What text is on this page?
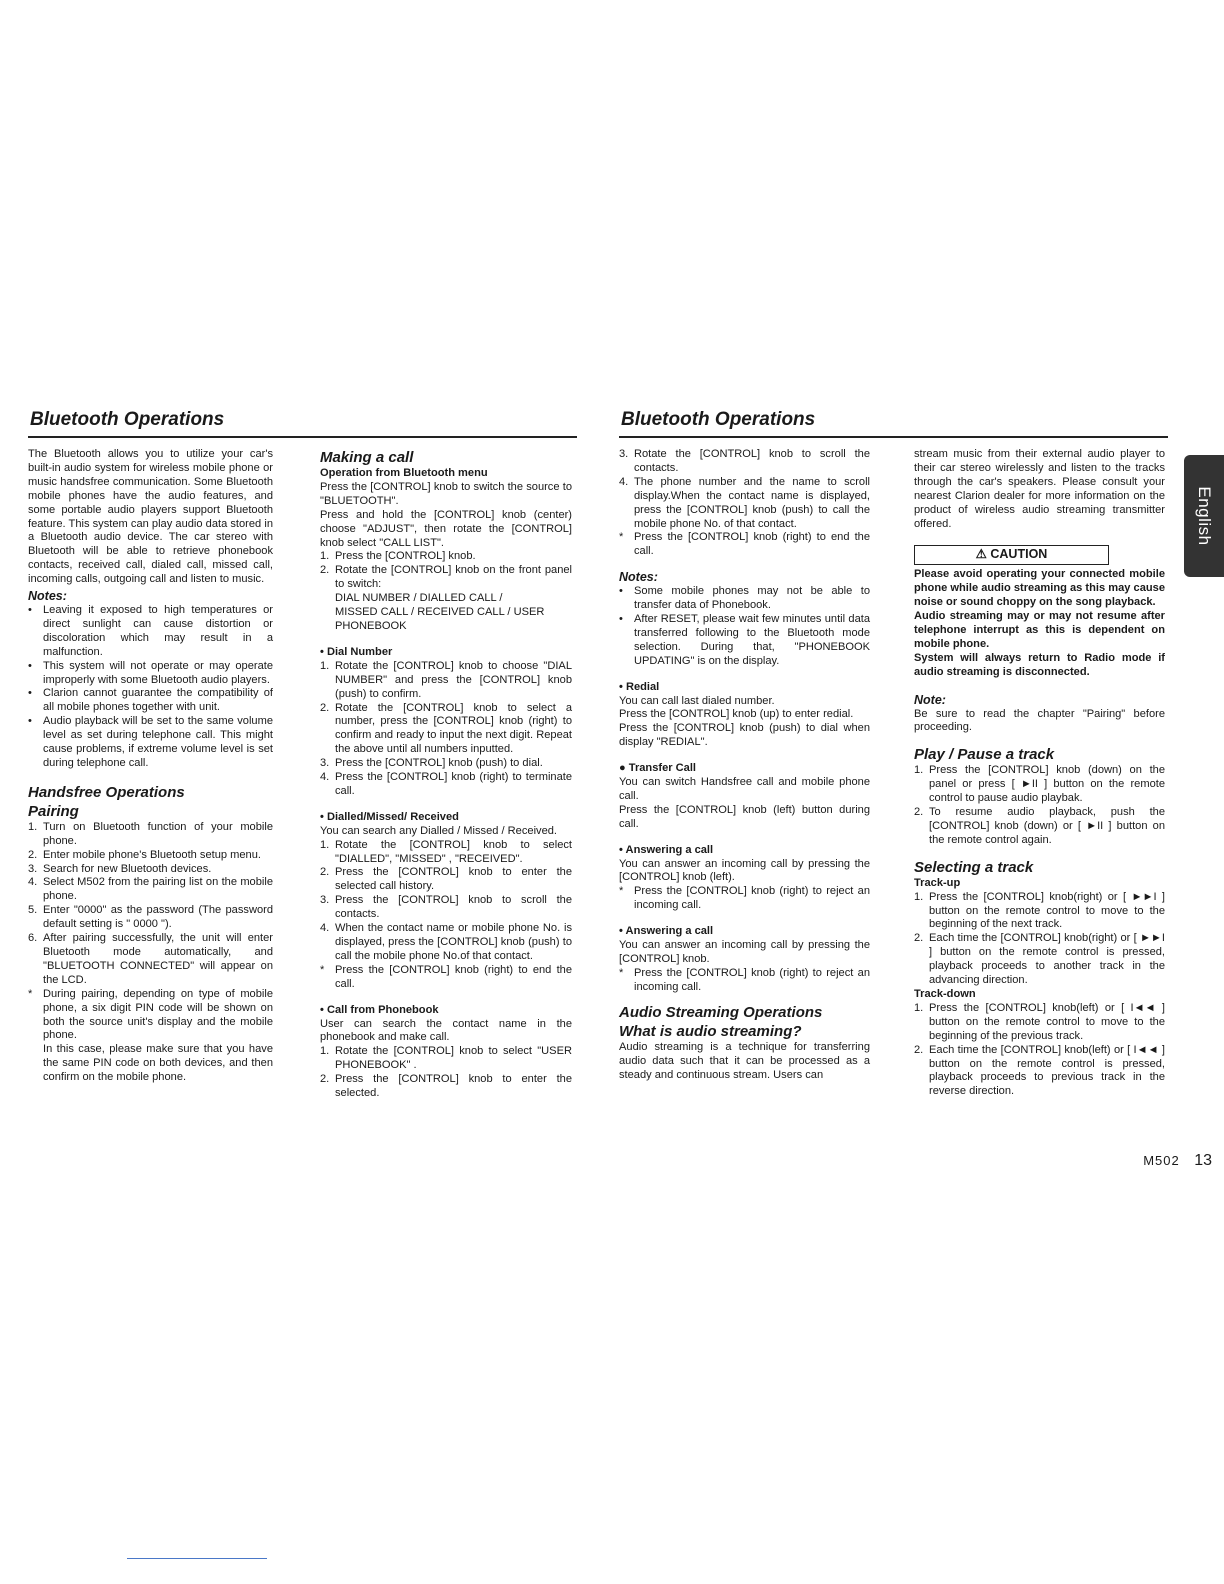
Bluetooth Operations	Bluetooth Operations
English

The Bluetooth allows you to utilize your car's built-in audio system for wireless mobile phone or music handsfree communication. Some Bluetooth mobile phones have the audio features, and some portable audio players support Bluetooth feature. This system can play audio data stored in a Bluetooth audio device. The car stereo with Bluetooth will be able to retrieve phonebook contacts, received call, dialed call, missed call, incoming calls, outgoing call and listen to music.

Notes:

• Leaving it exposed to high temperatures or direct sunlight can cause distortion or discoloration which may result in a malfunction.
• This system will not operate or may operate improperly with some Bluetooth audio players.
• Clarion cannot guarantee the compatibility of all mobile phones together with unit.
• Audio playback will be set to the same volume level as set during telephone call. This might cause problems, if extreme volume level is set during telephone call.

Handsfree Operations

Pairing

1. Turn on Bluetooth function of your mobile phone.
2. Enter mobile phone's Bluetooth setup menu.
3. Search for new Bluetooth devices.
4. Select M502 from the pairing list on the mobile phone.
5. Enter "0000" as the password (The password default setting is " 0000 ").
6. After pairing successfully, the unit will enter Bluetooth mode automatically, and "BLUETOOTH CONNECTED" will appear on the LCD.
* During pairing, depending on type of mobile phone, a six digit PIN code will be shown on both the source unit's display and the mobile phone.
In this case, please make sure that you have the same PIN code on both devices, and then confirm on the mobile phone.

Making a call

Operation from Bluetooth menu

Press the [CONTROL] knob to switch the source to "BLUETOOTH".

Press and hold the [CONTROL] knob (center) choose "ADJUST", then rotate the [CONTROL] knob select "CALL LIST".

1. Press the [CONTROL] knob.
2. Rotate the [CONTROL] knob on the front panel to switch:
DIAL NUMBER / DIALLED CALL /
MISSED CALL / RECEIVED CALL / USER
PHONEBOOK

• Dial Number

1. Rotate the [CONTROL] knob to choose "DIAL NUMBER" and press the [CONTROL] knob (push) to confirm.
2. Rotate the [CONTROL] knob to select a number, press the [CONTROL] knob (right) to confirm and ready to input the next digit. Repeat the above until all numbers inputted.
3. Press the [CONTROL] knob (push) to dial.
4. Press the [CONTROL] knob (right) to terminate call.

• Dialled/Missed/ Received

You can search any Dialled / Missed / Received.

1. Rotate the [CONTROL] knob to select "DIALLED", "MISSED" , "RECEIVED".
2. Press the [CONTROL] knob to enter the selected call history.
3. Press the [CONTROL] knob to scroll the contacts.
4. When the contact name or mobile phone No. is displayed, press the [CONTROL] knob (push) to call the mobile phone No.of that contact.
* Press the [CONTROL] knob (right) to end the call.

• Call from Phonebook

User can search the contact name in the phonebook and make call.

1. Rotate the [CONTROL] knob to select "USER PHONEBOOK" .
2. Press the [CONTROL] knob to enter the selected.
3. Rotate the [CONTROL] knob to scroll the contacts.
4. The phone number and the name to scroll display.When the contact name is displayed, press the [CONTROL] knob (push) to call the mobile phone No. of that contact.
* Press the [CONTROL] knob (right) to end the call.

Notes:

• Some mobile phones may not be able to transfer data of Phonebook.
• After RESET, please wait few minutes until data transferred following to the Bluetooth mode selection. During that, "PHONEBOOK UPDATING" is on the display.

• Redial

You can call last dialed number.

Press the [CONTROL] knob (up) to enter redial.

Press the [CONTROL] knob (push) to dial when display "REDIAL".

● Transfer Call

You can switch Handsfree call and mobile phone call.

Press the [CONTROL] knob (left) button during call.

• Answering a call

You can answer an incoming call by pressing the [CONTROL] knob (left).

* Press the [CONTROL] knob (right) to reject an incoming call.

• Answering a call

You can answer an incoming call by pressing the [CONTROL] knob.

* Press the [CONTROL] knob (right) to reject an incoming call.

Audio Streaming Operations

What is audio streaming?

Audio streaming is a technique for transferring audio data such that it can be processed as a steady and continuous stream. Users can

stream music from their external audio player to their car stereo wirelessly and listen to the tracks through the car's speakers. Please consult your nearest Clarion dealer for more information on the product of wireless audio streaming transmitter offered.

⚠ CAUTION

Please avoid operating your connected mobile phone while audio streaming as this may cause noise or sound choppy on the song playback.

Audio streaming may or may not resume after telephone interrupt as this is dependent on mobile phone.

System will always return to Radio mode if audio streaming is disconnected.

Note:

Be sure to read the chapter "Pairing" before proceeding.

Play / Pause a track

1. Press the [CONTROL] knob (down) on the panel or press [ ►II ] button on the remote control to pause audio playbak.
2. To resume audio playback, push the [CONTROL] knob (down) or [ ►II ] button on the remote control again.

Selecting a track

Track-up

1. Press the [CONTROL] knob(right) or [ ►►I ] button on the remote control to move to the beginning of the next track.
2. Each time the [CONTROL] knob(right) or [ ►►I ] button on the remote control is pressed, playback proceeds to another track in the advancing direction.

Track-down

1. Press the [CONTROL] knob(left) or [ I◄◄ ] button on the remote control to move to the beginning of the previous track.
2. Each time the [CONTROL] knob(left) or [ I◄◄ ] button on the remote control is pressed, playback proceeds to previous track in the reverse direction.
M502 13
